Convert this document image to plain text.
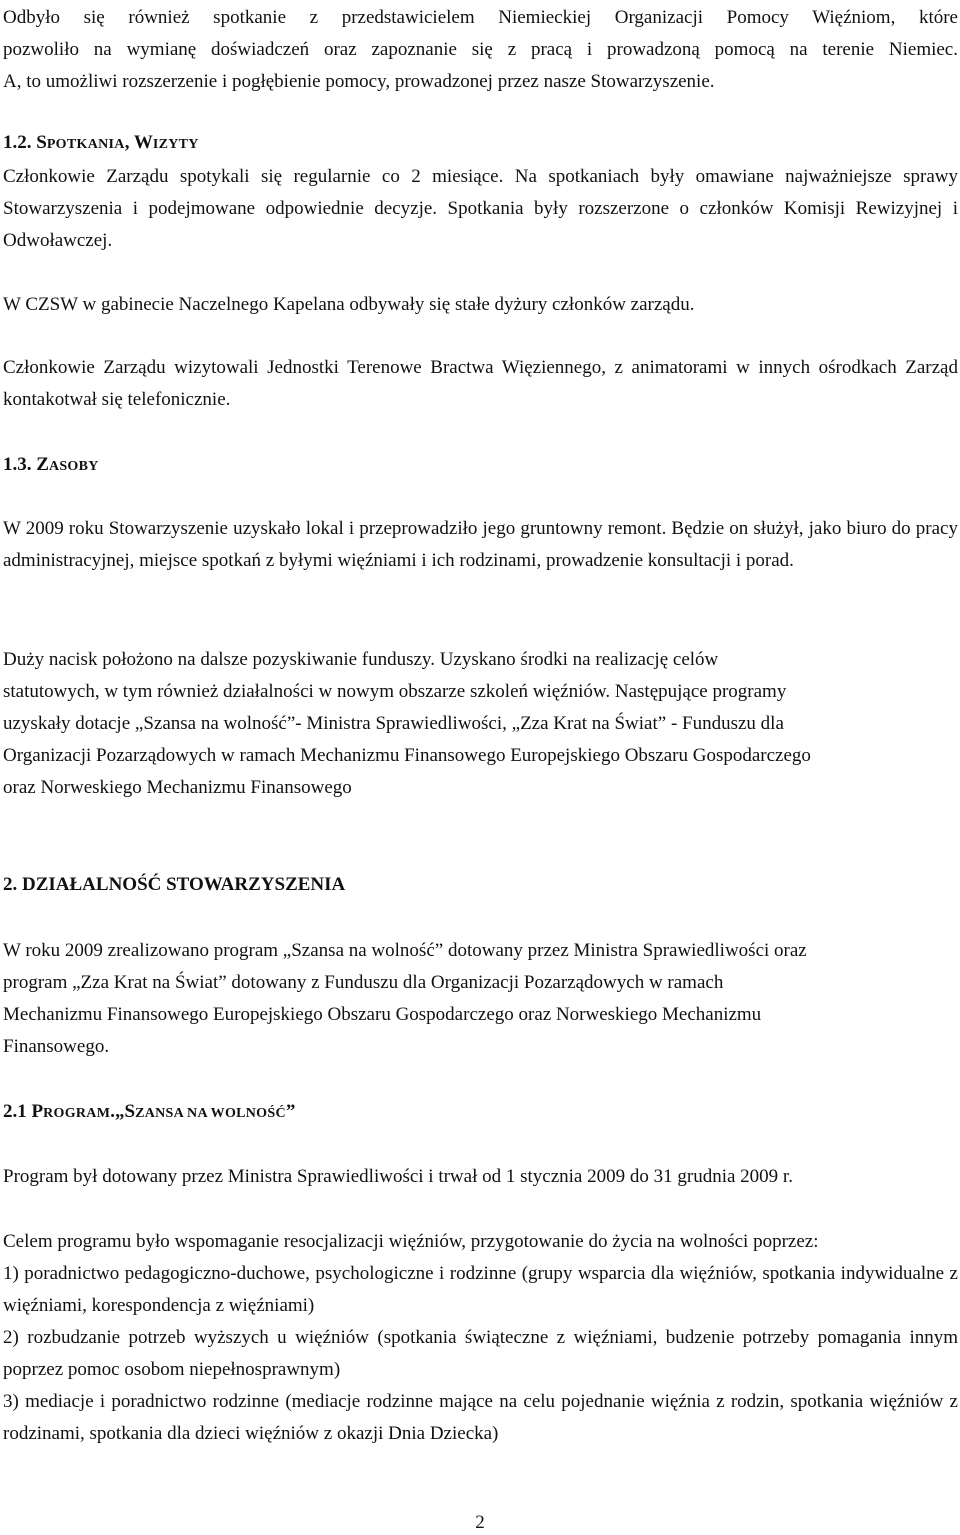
Odbyło się również spotkanie z przedstawicielem Niemieckiej Organizacji Pomocy Więźniom, które

pozwoliło na wymianę doświadczeń oraz zapoznanie się z pracą i prowadzoną pomocą na terenie Niemiec.

A, to umożliwi rozszerzenie i pogłębienie pomocy, prowadzonej przez nasze Stowarzyszenie.

1.2. SPOTKANIA, WIZYTY

Członkowie Zarządu spotykali się regularnie co 2 miesiące. Na spotkaniach były omawiane najważniejsze sprawy Stowarzyszenia i podejmowane odpowiednie decyzje. Spotkania były rozszerzone o członków Komisji Rewizyjnej i Odwoławczej.

W CZSW w gabinecie Naczelnego Kapelana odbywały się stałe dyżury członków zarządu.

Członkowie Zarządu wizytowali Jednostki Terenowe Bractwa Więziennego, z animatorami w innych ośrodkach Zarząd kontakotwał się telefonicznie.

1.3. ZASOBY

W 2009 roku Stowarzyszenie uzyskało lokal i przeprowadziło jego gruntowny remont. Będzie on służył, jako biuro do pracy administracyjnej, miejsce spotkań z byłymi więźniami i ich rodzinami, prowadzenie konsultacji i porad.

Duży nacisk położono na dalsze pozyskiwanie funduszy. Uzyskano środki na realizację celów

statutowych, w tym również działalności w nowym obszarze szkoleń więźniów. Następujące programy

uzyskały dotacje „Szansa na wolność”- Ministra Sprawiedliwości, „Zza Krat na Świat” - Funduszu dla

Organizacji Pozarządowych w ramach Mechanizmu Finansowego Europejskiego Obszaru Gospodarczego

oraz Norweskiego Mechanizmu Finansowego

2. DZIAŁALNOŚĆ STOWARZYSZENIA

W roku 2009 zrealizowano program „Szansa na wolność” dotowany przez Ministra Sprawiedliwości oraz

program „Zza Krat na Świat” dotowany z Funduszu dla Organizacji Pozarządowych w ramach

Mechanizmu Finansowego Europejskiego Obszaru Gospodarczego oraz Norweskiego Mechanizmu

Finansowego.

2.1 PROGRAM.„SZANSA NA WOLNOŚĆ”

Program był dotowany przez Ministra Sprawiedliwości i trwał od 1 stycznia 2009 do 31 grudnia 2009 r.

Celem programu było wspomaganie resocjalizacji więźniów, przygotowanie do życia na wolności poprzez:

1) poradnictwo pedagogiczno-duchowe, psychologiczne i rodzinne (grupy wsparcia dla więźniów, spotkania indywidualne z więźniami, korespondencja z więźniami)

2) rozbudzanie potrzeb wyższych u więźniów (spotkania świąteczne z więźniami, budzenie potrzeby pomagania innym poprzez pomoc osobom niepełnosprawnym)

3) mediacje i poradnictwo rodzinne (mediacje rodzinne mające na celu pojednanie więźnia z rodzin, spotkania więźniów z rodzinami, spotkania dla dzieci więźniów z okazji Dnia Dziecka)

2
